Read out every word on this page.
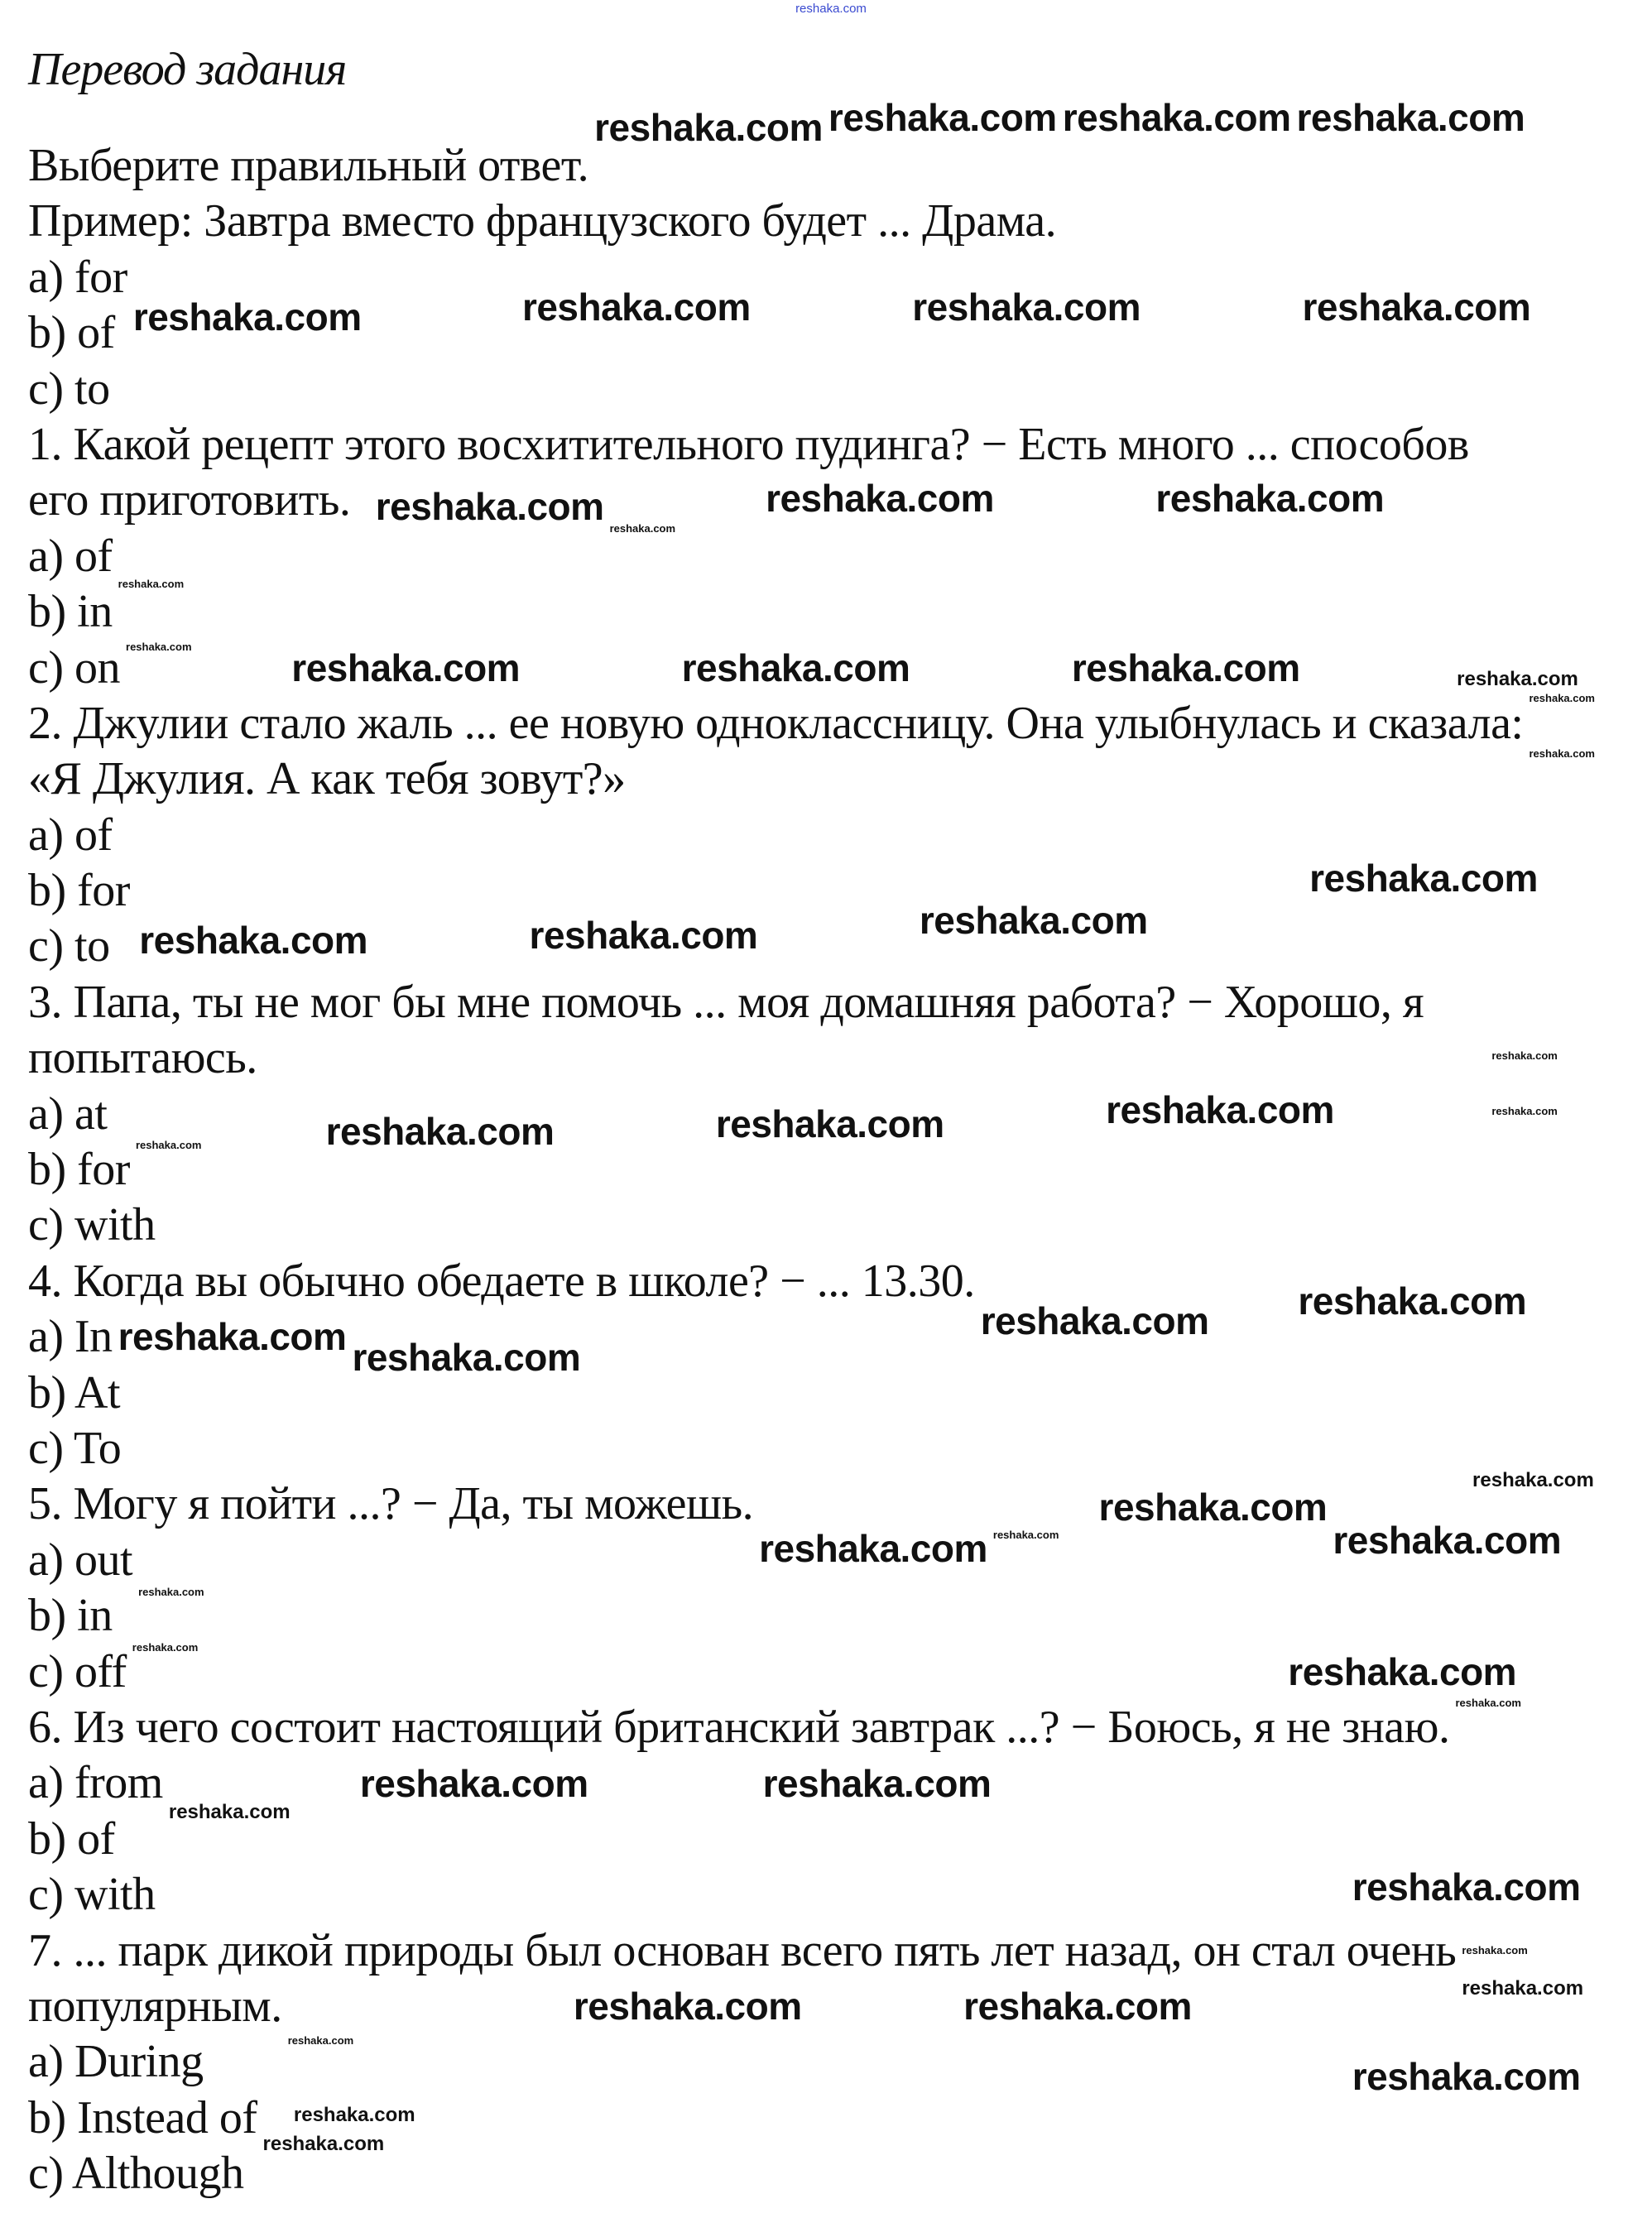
reshaka.com
Перевод задания
Выберите правильный ответ.
Пример: Завтра вместо французского будет ... Драма.
a) for
b) of
c) to
1. Какой рецепт этого восхитительного пудинга? − Есть много ... способов
его приготовить.
a) of
b) in
c) on
2. Джулии стало жаль ... ее новую одноклассницу. Она улыбнулась и сказала:
«Я Джулия. А как тебя зовут?»
a) of
b) for
c) to
3. Папа, ты не мог бы мне помочь ... моя домашняя работа? − Хорошо, я
попытаюсь.
a) at
b) for
c) with
4. Когда вы обычно обедаете в школе? − ... 13.30.
a) In
b) At
c) To
5. Могу я пойти ...? − Да, ты можешь.
a) out
b) in
c) off
6. Из чего состоит настоящий британский завтрак ...? − Боюсь, я не знаю.
a) from
b) of
c) with
7. ... парк дикой природы был основан всего пять лет назад, он стал очень
популярным.
a) During
b) Instead of
c) Although
reshaka.com reshaka.com reshaka.com reshaka.com
reshaka.com	reshaka.com	reshaka.com	reshaka.com
reshaka.com	reshaka.com	reshaka.com
reshaka.com	reshaka.com	reshaka.com	reshaka.com
reshaka.com
reshaka.com	reshaka.com	reshaka.com
reshaka.com
reshaka.com
reshaka.com	reshaka.com	reshaka.com
reshaka.com
reshaka.com
reshaka.com reshaka.com
reshaka.com
reshaka.com
reshaka.com	reshaka.com
reshaka.com
reshaka.com	reshaka.com
reshaka.com
reshaka.com
reshaka.com	reshaka.com	reshaka.com
reshaka.com
reshaka.com
reshaka.com
reshaka.com
reshaka.com
reshaka.com
reshaka.com
reshaka.com
reshaka.com
reshaka.com
reshaka.com
reshaka.com
reshaka.com
reshaka.com
reshaka.com
